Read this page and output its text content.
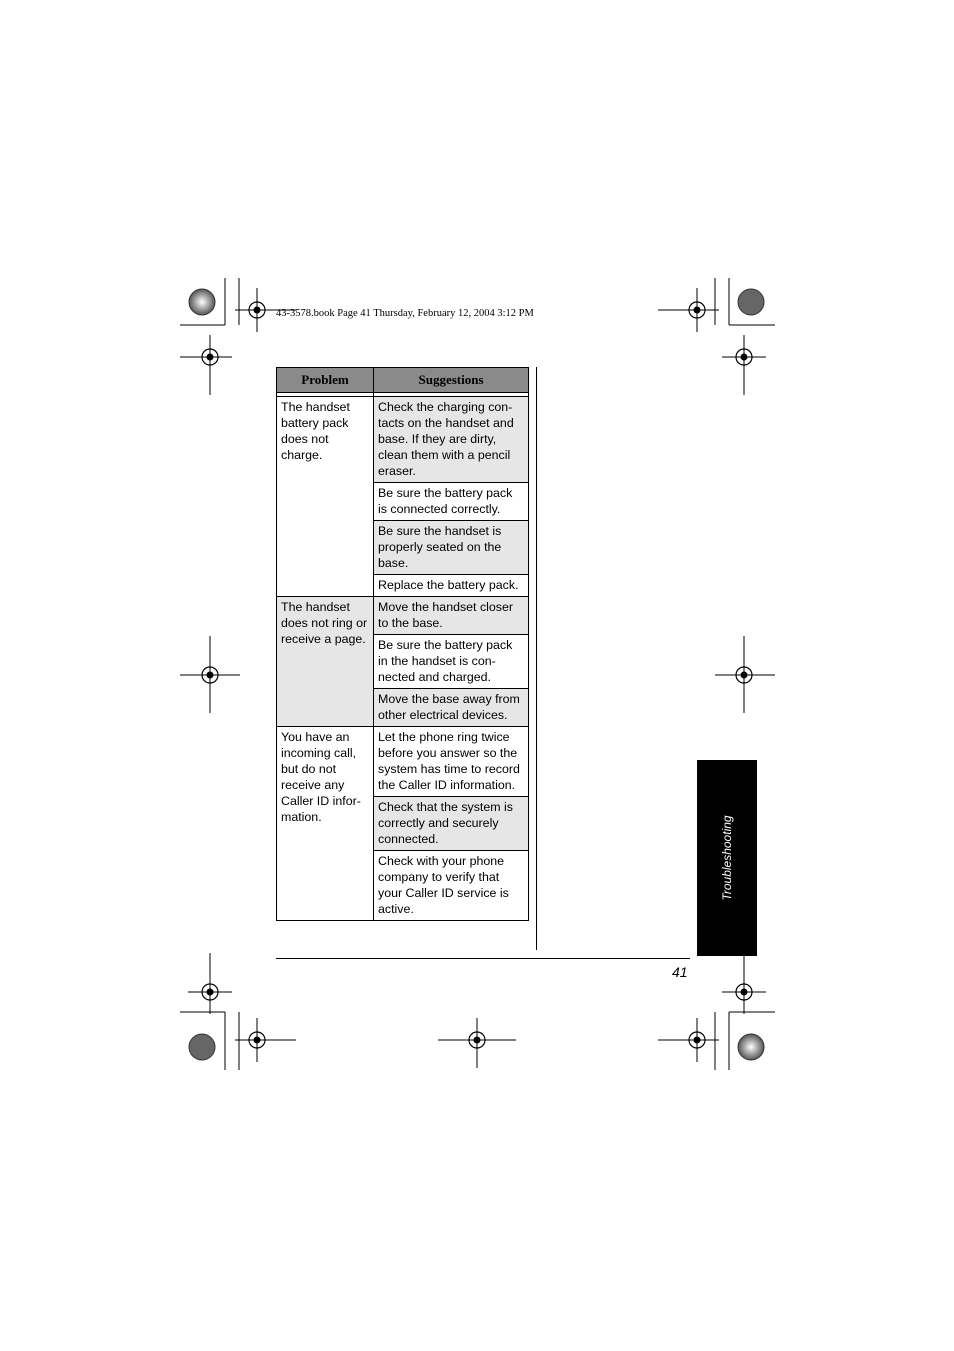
43-3578.book Page 41 Thursday, February 12, 2004 3:12 PM
Problem	Suggestions

The handset battery pack does not charge.	Check the charging con-tacts on the handset and base. If they are dirty, clean them with a pencil eraser.
	Be sure the battery pack is connected correctly.
	Be sure the handset is properly seated on the base.
	Replace the battery pack.
The handset does not ring or receive a page.	Move the handset closer to the base.
	Be sure the battery pack in the handset is con-nected and charged.
	Move the base away from other electrical devices.
You have an incoming call, but do not receive any Caller ID infor-mation.	Let the phone ring twice before you answer so the system has time to record the Caller ID information.
	Check that the system is correctly and securely connected.
	Check with your phone company to verify that your Caller ID service is active.
41
Troubleshooting
